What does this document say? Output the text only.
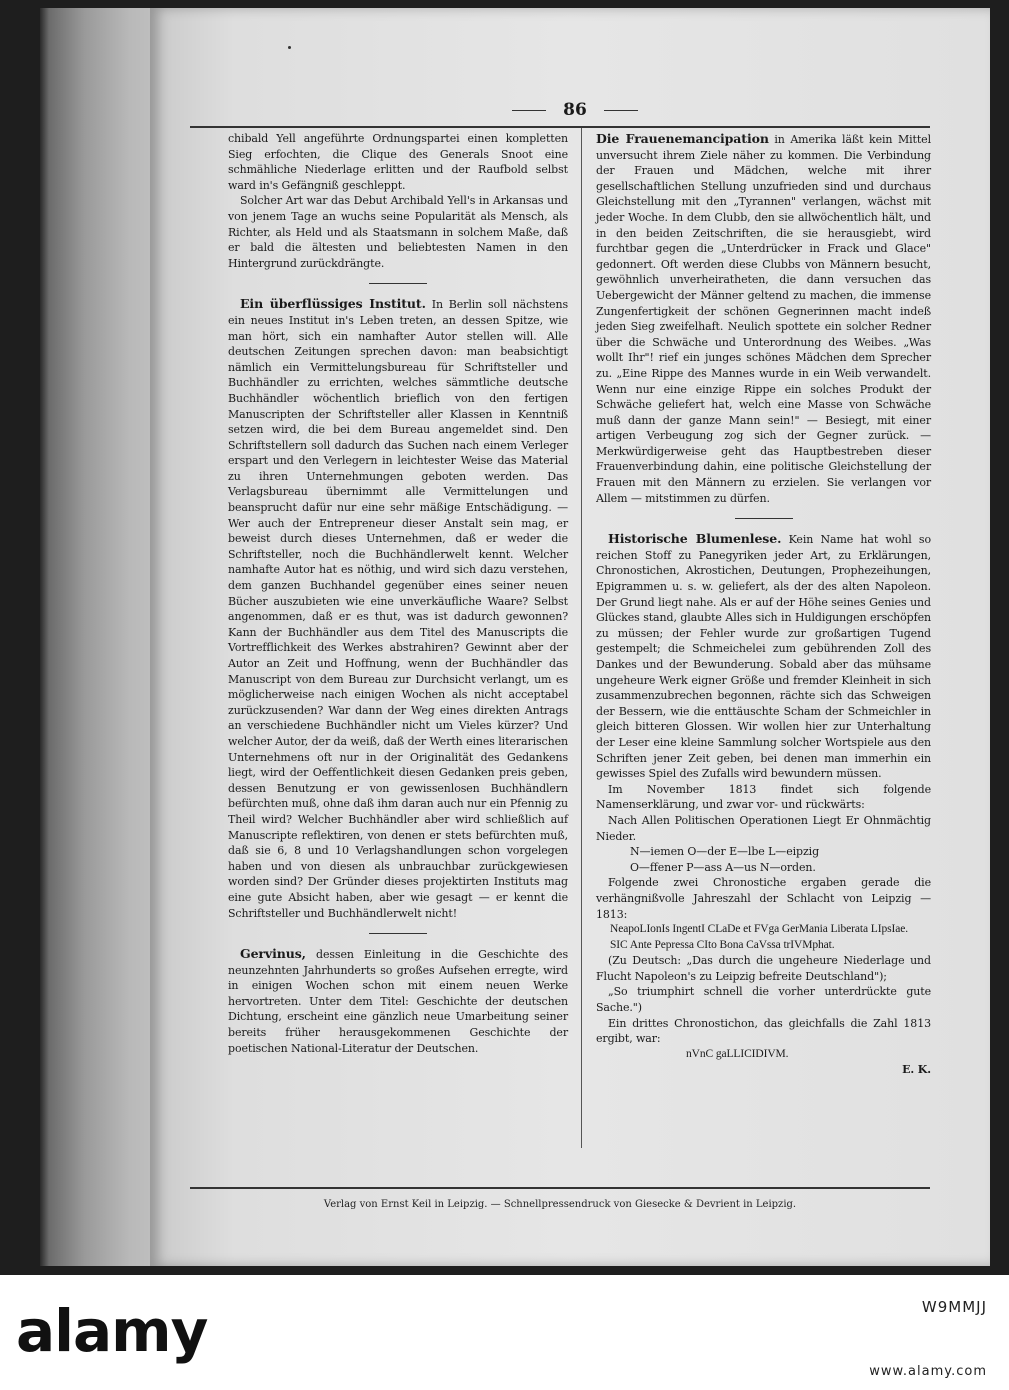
86

chibald Yell angeführte Ordnungspartei einen kompletten Sieg erfochten, die Clique des Generals Snoot eine schmähliche Niederlage erlitten und der Raufbold selbst ward in's Gefängniß geschleppt.

Solcher Art war das Debut Archibald Yell's in Arkansas und von jenem Tage an wuchs seine Popularität als Mensch, als Richter, als Held und als Staatsmann in solchem Maße, daß er bald die ältesten und beliebtesten Namen in den Hintergrund zurückdrängte.

Ein überflüssiges Institut. In Berlin soll nächstens ein neues Institut in's Leben treten, an dessen Spitze, wie man hört, sich ein namhafter Autor stellen will. Alle deutschen Zeitungen sprechen davon: man beabsichtigt nämlich ein Vermittelungsbureau für Schriftsteller und Buchhändler zu errichten, welches sämmtliche deutsche Buchhändler wöchentlich brieflich von den fertigen Manuscripten der Schriftsteller aller Klassen in Kenntniß setzen wird, die bei dem Bureau angemeldet sind. Den Schriftstellern soll dadurch das Suchen nach einem Verleger erspart und den Verlegern in leichtester Weise das Material zu ihren Unternehmungen geboten werden. Das Verlagsbureau übernimmt alle Vermittelungen und beansprucht dafür nur eine sehr mäßige Entschädigung. — Wer auch der Entrepreneur dieser Anstalt sein mag, er beweist durch dieses Unternehmen, daß er weder die Schriftsteller, noch die Buchhändlerwelt kennt. Welcher namhafte Autor hat es nöthig, und wird sich dazu verstehen, dem ganzen Buchhandel gegenüber eines seiner neuen Bücher auszubieten wie eine unverkäufliche Waare? Selbst angenommen, daß er es thut, was ist dadurch gewonnen? Kann der Buchhändler aus dem Titel des Manuscripts die Vortrefflichkeit des Werkes abstrahiren? Gewinnt aber der Autor an Zeit und Hoffnung, wenn der Buchhändler das Manuscript von dem Bureau zur Durchsicht verlangt, um es möglicherweise nach einigen Wochen als nicht acceptabel zurückzusenden? War dann der Weg eines direkten Antrags an verschiedene Buchhändler nicht um Vieles kürzer? Und welcher Autor, der da weiß, daß der Werth eines literarischen Unternehmens oft nur in der Originalität des Gedankens liegt, wird der Oeffentlichkeit diesen Gedanken preis geben, dessen Benutzung er von gewissenlosen Buchhändlern befürchten muß, ohne daß ihm daran auch nur ein Pfennig zu Theil wird? Welcher Buchhändler aber wird schließlich auf Manuscripte reflektiren, von denen er stets befürchten muß, daß sie 6, 8 und 10 Verlagshandlungen schon vorgelegen haben und von diesen als unbrauchbar zurückgewiesen worden sind? Der Gründer dieses projektirten Instituts mag eine gute Absicht haben, aber wie gesagt — er kennt die Schriftsteller und Buchhändlerwelt nicht!

Gervinus, dessen Einleitung in die Geschichte des neunzehnten Jahrhunderts so großes Aufsehen erregte, wird in einigen Wochen schon mit einem neuen Werke hervortreten. Unter dem Titel: Geschichte der deutschen Dichtung, erscheint eine gänzlich neue Umarbeitung seiner bereits früher herausgekommenen Geschichte der poetischen National-Literatur der Deutschen.

Die Frauenemancipation in Amerika läßt kein Mittel unversucht ihrem Ziele näher zu kommen. Die Verbindung der Frauen und Mädchen, welche mit ihrer gesellschaftlichen Stellung unzufrieden sind und durchaus Gleichstellung mit den „Tyrannen" verlangen, wächst mit jeder Woche. In dem Clubb, den sie allwöchentlich hält, und in den beiden Zeitschriften, die sie herausgiebt, wird furchtbar gegen die „Unterdrücker in Frack und Glace" gedonnert. Oft werden diese Clubbs von Männern besucht, gewöhnlich unverheiratheten, die dann versuchen das Uebergewicht der Männer geltend zu machen, die immense Zungenfertigkeit der schönen Gegnerinnen macht indeß jeden Sieg zweifelhaft. Neulich spottete ein solcher Redner über die Schwäche und Unterordnung des Weibes. „Was wollt Ihr"! rief ein junges schönes Mädchen dem Sprecher zu. „Eine Rippe des Mannes wurde in ein Weib verwandelt. Wenn nur eine einzige Rippe ein solches Produkt der Schwäche geliefert hat, welch eine Masse von Schwäche muß dann der ganze Mann sein!" — Besiegt, mit einer artigen Verbeugung zog sich der Gegner zurück. — Merkwürdigerweise geht das Hauptbestreben dieser Frauenverbindung dahin, eine politische Gleichstellung der Frauen mit den Männern zu erzielen. Sie verlangen vor Allem — mitstimmen zu dürfen.

Historische Blumenlese. Kein Name hat wohl so reichen Stoff zu Panegyriken jeder Art, zu Erklärungen, Chronostichen, Akrostichen, Deutungen, Prophezeihungen, Epigrammen u. s. w. geliefert, als der des alten Napoleon. Der Grund liegt nahe. Als er auf der Höhe seines Genies und Glückes stand, glaubte Alles sich in Huldigungen erschöpfen zu müssen; der Fehler wurde zur großartigen Tugend gestempelt; die Schmeichelei zum gebührenden Zoll des Dankes und der Bewunderung. Sobald aber das mühsame ungeheure Werk eigner Größe und fremder Kleinheit in sich zusammenzubrechen begonnen, rächte sich das Schweigen der Bessern, wie die enttäuschte Scham der Schmeichler in gleich bitteren Glossen. Wir wollen hier zur Unterhaltung der Leser eine kleine Sammlung solcher Wortspiele aus den Schriften jener Zeit geben, bei denen man immerhin ein gewisses Spiel des Zufalls wird bewundern müssen.

Im November 1813 findet sich folgende Namenserklärung, und zwar vor- und rückwärts:

Nach Allen Politischen Operationen Liegt Er Ohnmächtig Nieder.

N—iemen O—der E—lbe L—eipzig

O—ffener P—ass A—us N—orden.

Folgende zwei Chronostiche ergaben gerade die verhängnißvolle Jahreszahl der Schlacht von Leipzig — 1813:

NeapoLIonIs IngentI CLaDe et FVga GerMania Liberata LIpsIae.

SIC Ante Pepressa CIto Bona CaVssa trIVMphat.

(Zu Deutsch: „Das durch die ungeheure Niederlage und Flucht Napoleon's zu Leipzig befreite Deutschland");

„So triumphirt schnell die vorher unterdrückte gute Sache.")

Ein drittes Chronostichon, das gleichfalls die Zahl 1813 ergibt, war:

nVnC gaLLICIDIVM.

E. K.

Verlag von Ernst Keil in Leipzig. — Schnellpressendruck von Giesecke & Devrient in Leipzig.
alamy	W9MMJJ
www.alamy.com
